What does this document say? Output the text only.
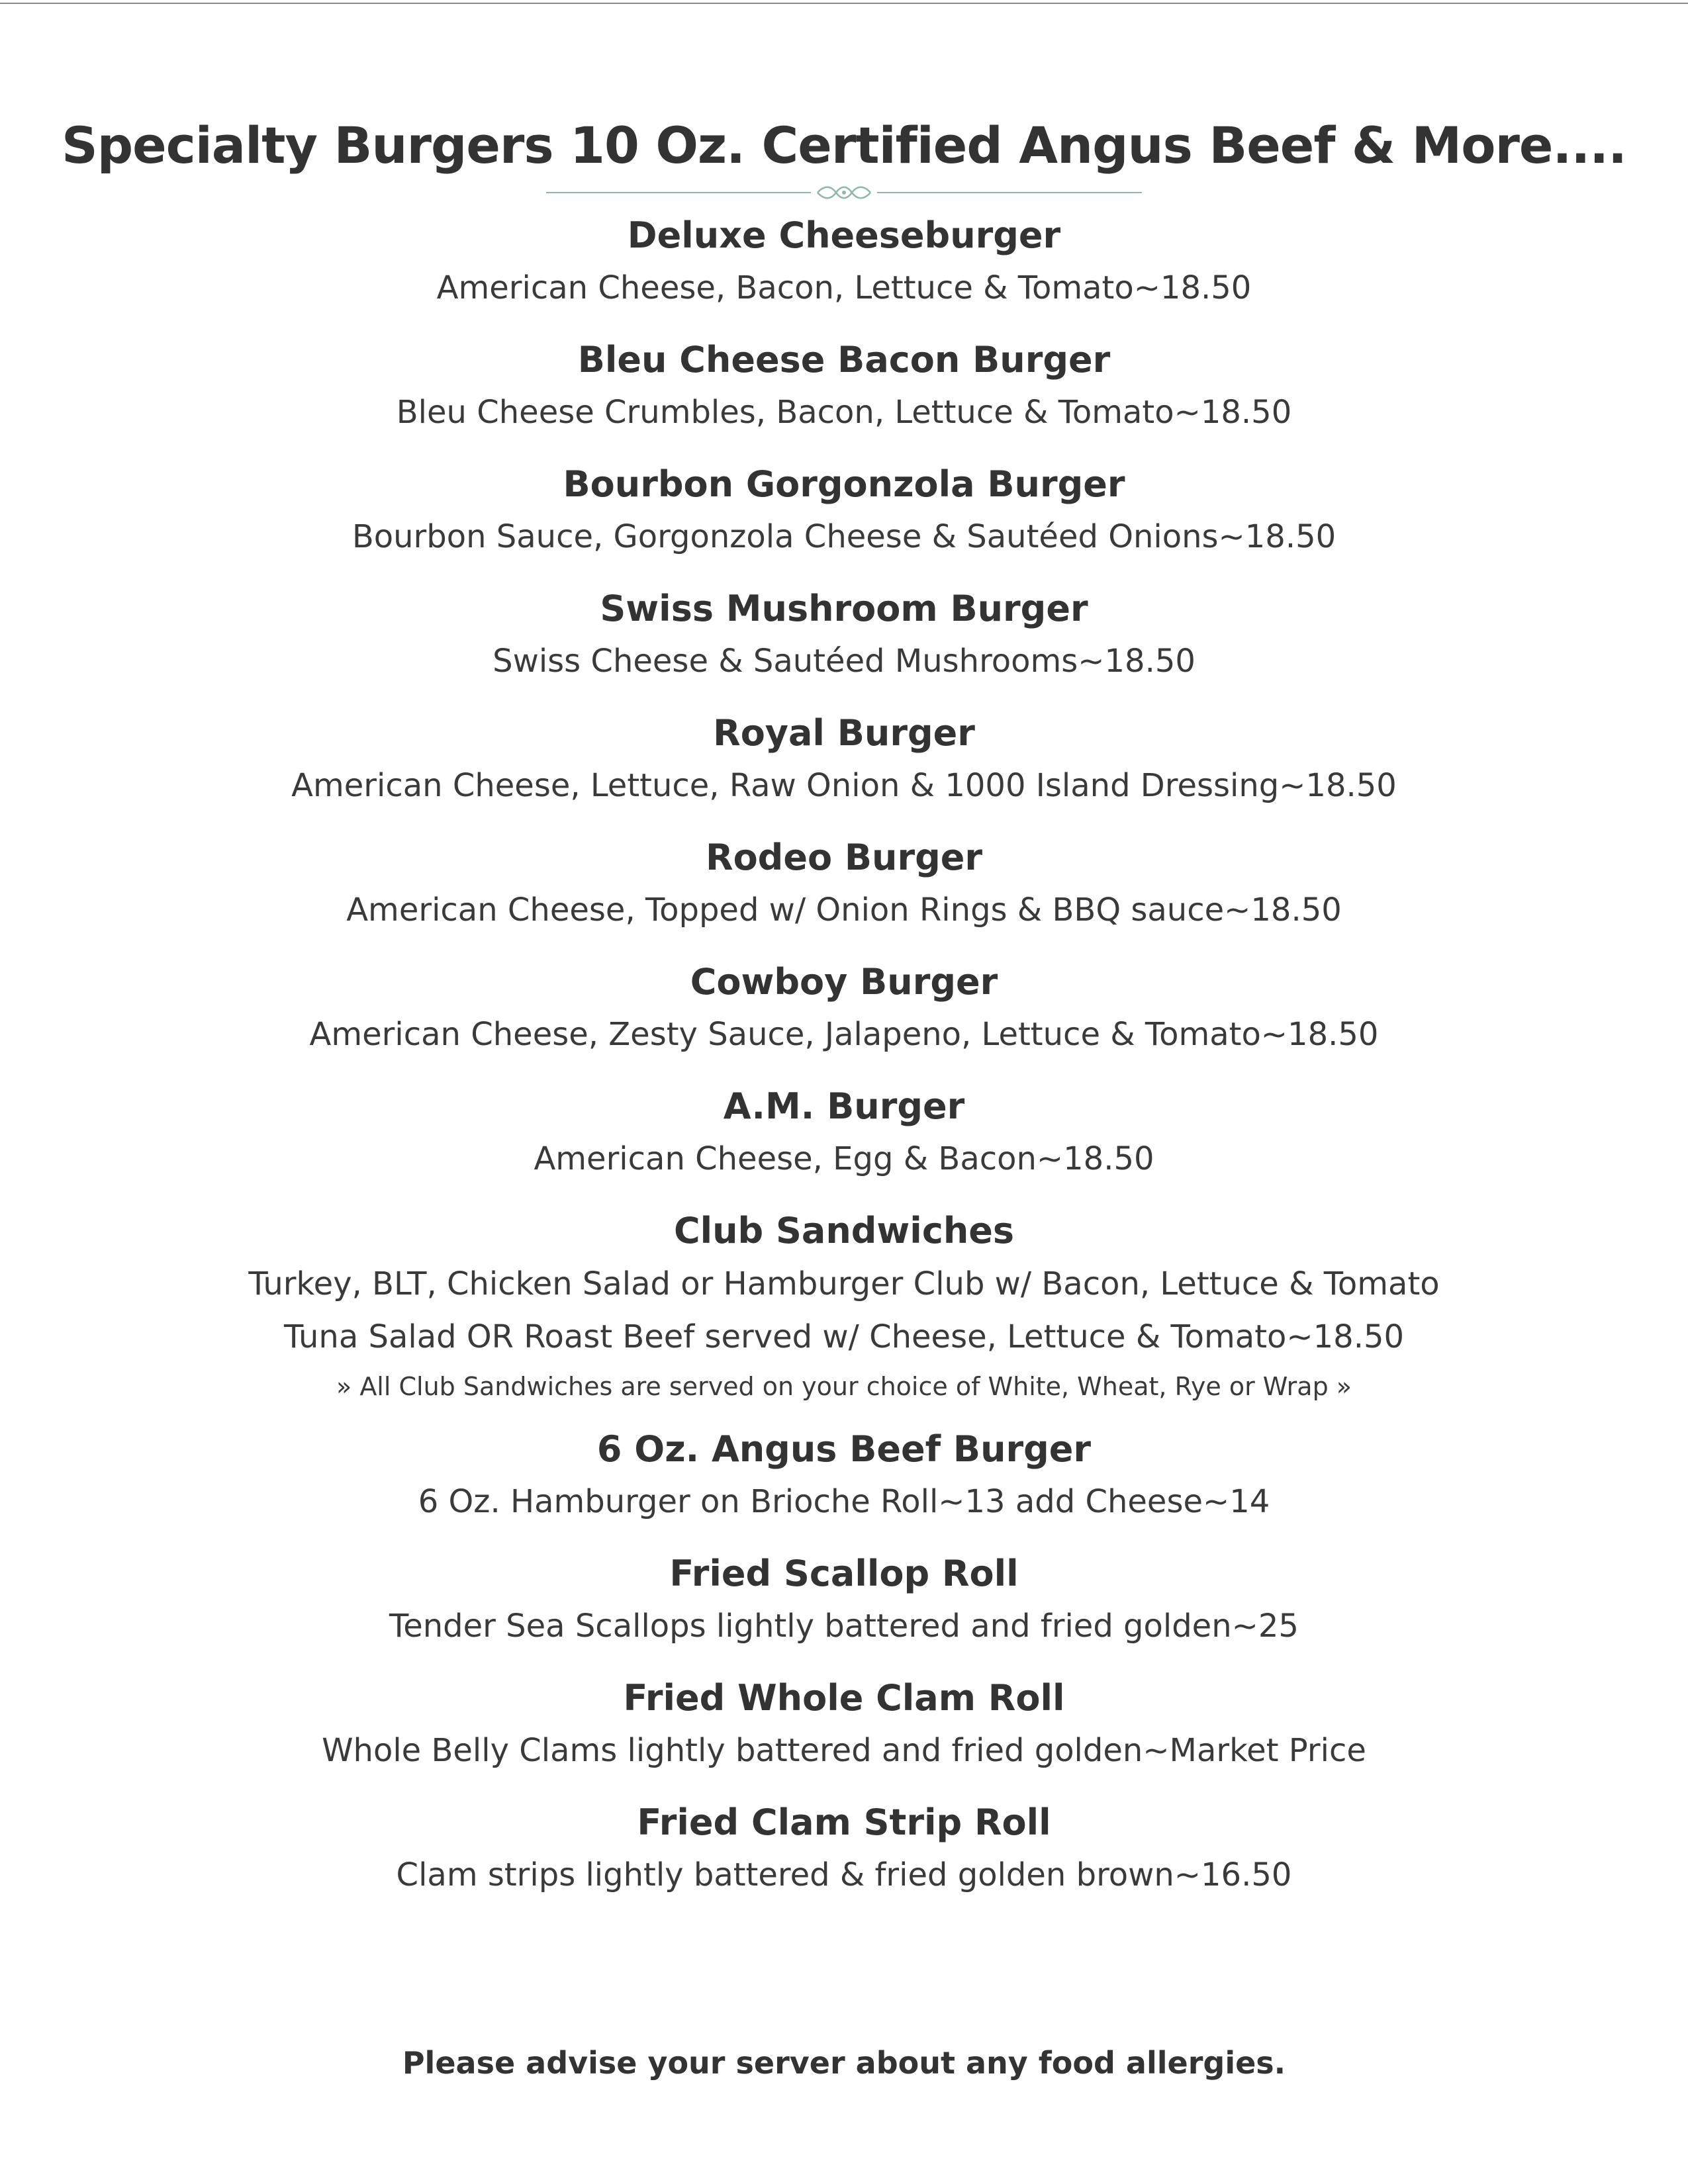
Specialty Burgers 10 Oz. Certified Angus Beef & More....

Deluxe Cheeseburger

American Cheese, Bacon, Lettuce & Tomato~18.50

Bleu Cheese Bacon Burger

Bleu Cheese Crumbles, Bacon, Lettuce & Tomato~18.50

Bourbon Gorgonzola Burger

Bourbon Sauce, Gorgonzola Cheese & Sautéed Onions~18.50

Swiss Mushroom Burger

Swiss Cheese & Sautéed Mushrooms~18.50

Royal Burger

American Cheese, Lettuce, Raw Onion & 1000 Island Dressing~18.50

Rodeo Burger

American Cheese, Topped w/ Onion Rings & BBQ sauce~18.50

Cowboy Burger

American Cheese, Zesty Sauce, Jalapeno, Lettuce & Tomato~18.50

A.M. Burger

American Cheese, Egg & Bacon~18.50

Club Sandwiches

Turkey, BLT, Chicken Salad or Hamburger Club w/ Bacon, Lettuce & Tomato

Tuna Salad OR Roast Beef served w/ Cheese, Lettuce & Tomato~18.50

» All Club Sandwiches are served on your choice of White, Wheat, Rye or Wrap »

6 Oz. Angus Beef Burger

6 Oz. Hamburger on Brioche Roll~13 add Cheese~14

Fried Scallop Roll

Tender Sea Scallops lightly battered and fried golden~25

Fried Whole Clam Roll

Whole Belly Clams lightly battered and fried golden~Market Price

Fried Clam Strip Roll

Clam strips lightly battered & fried golden brown~16.50

Please advise your server about any food allergies.
